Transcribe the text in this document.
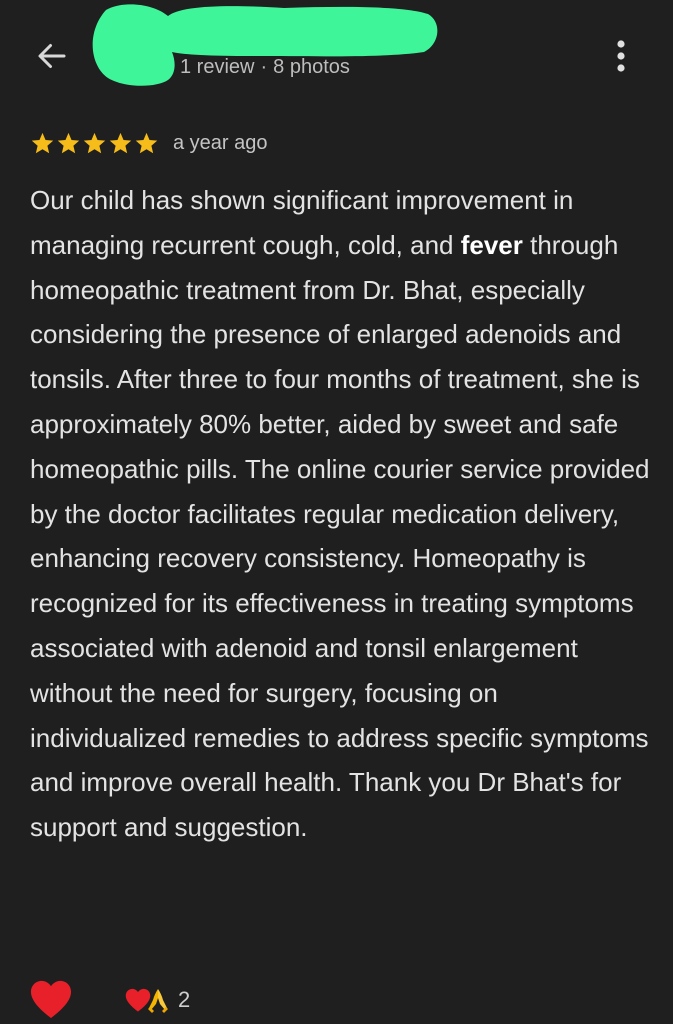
1 review · 8 photos
a year ago

Our child has shown significant improvement in managing recurrent cough, cold, and fever through homeopathic treatment from Dr. Bhat, especially considering the presence of enlarged adenoids and tonsils. After three to four months of treatment, she is approximately 80% better, aided by sweet and safe homeopathic pills. The online courier service provided by the doctor facilitates regular medication delivery, enhancing recovery consistency. Homeopathy is recognized for its effectiveness in treating symptoms associated with adenoid and tonsil enlargement without the need for surgery, focusing on individualized remedies to address specific symptoms and improve overall health. Thank you Dr Bhat's for support and suggestion.

2
